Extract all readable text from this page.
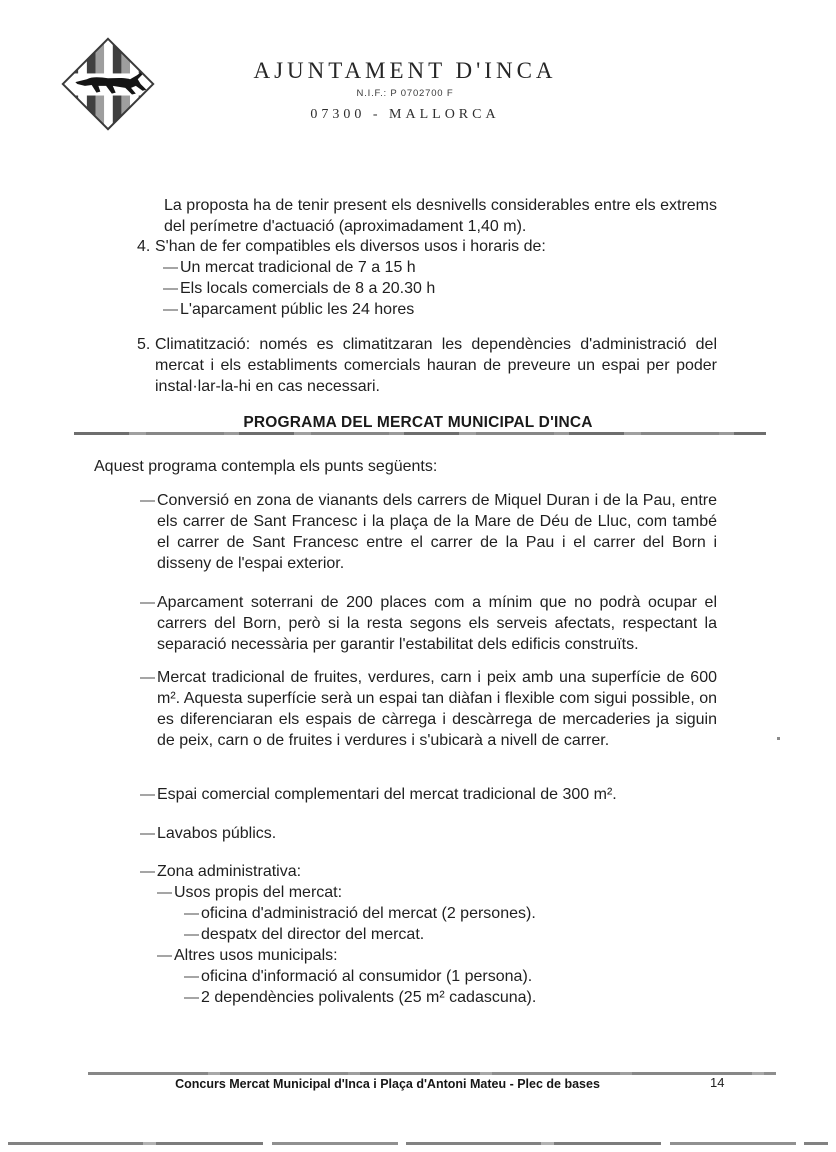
AJUNTAMENT D'INCA
N.I.F.: P 0702700 F
07300 - MALLORCA

La proposta ha de tenir present els desnivells considerables entre els extrems del perímetre d'actuació (aproximadament 1,40 m).

4. S'han de fer compatibles els diversos usos i horaris de:
— Un mercat tradicional de 7 a 15 h
— Els locals comercials de 8 a 20.30 h
— L'aparcament públic les 24 hores
5. Climatització: només es climatitzaran les dependències d'administració del mercat i els establiments comercials hauran de preveure un espai per poder instal·lar-la-hi en cas necessari.
PROGRAMA DEL MERCAT MUNICIPAL D'INCA
Aquest programa contempla els punts següents:
— Conversió en zona de vianants dels carrers de Miquel Duran i de la Pau, entre els carrer de Sant Francesc i la plaça de la Mare de Déu de Lluc, com també el carrer de Sant Francesc entre el carrer de la Pau i el carrer del Born i disseny de l'espai exterior.
— Aparcament soterrani de 200 places com a mínim que no podrà ocupar el carrers del Born, però si la resta segons els serveis afectats, respectant la separació necessària per garantir l'estabilitat dels edificis construïts.
— Mercat tradicional de fruites, verdures, carn i peix amb una superfície de 600 m². Aquesta superfície serà un espai tan diàfan i flexible com sigui possible, on es diferenciaran els espais de càrrega i descàrrega de mercaderies ja siguin de peix, carn o de fruites i verdures i s'ubicarà a nivell de carrer.
— Espai comercial complementari del mercat tradicional de 300 m².
— Lavabos públics.
— Zona administrativa:
— Usos propis del mercat:
— oficina d'administració del mercat (2 persones).
— despatx del director del mercat.
— Altres usos municipals:
— oficina d'informació al consumidor (1 persona).
— 2 dependències polivalents (25 m² cadascuna).
Concurs Mercat Municipal d'Inca i Plaça d'Antoni Mateu - Plec de bases	14
